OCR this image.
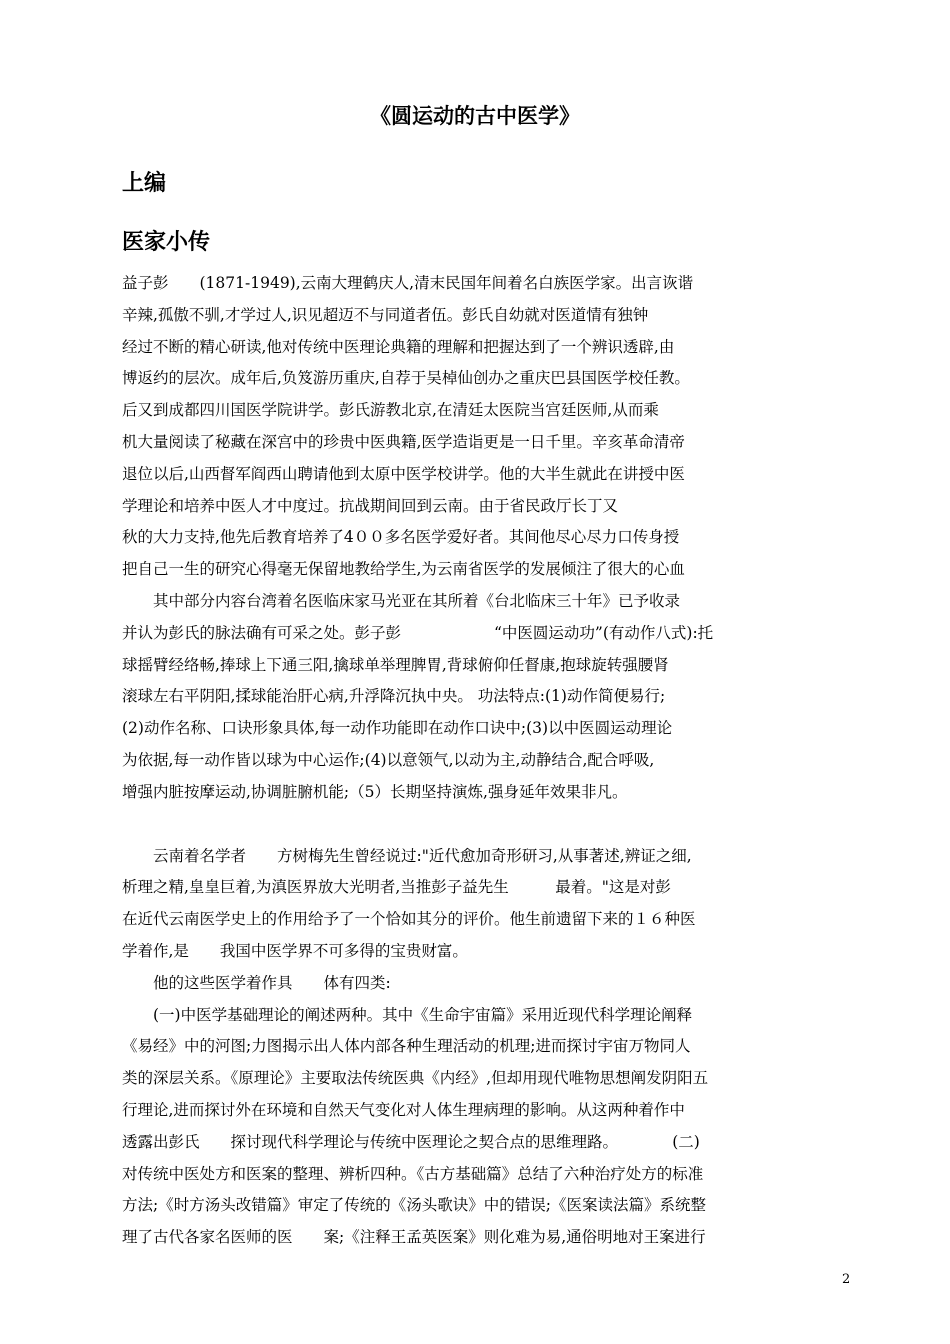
《圆运动的古中医学》
上编
医家小传
益子彭　　(1871-1949),云南大理鹤庆人,清末民国年间着名白族医学家。出言诙谐
辛辣,孤傲不驯,才学过人,识见超迈不与同道者伍。彭氏自幼就对医道情有独钟
经过不断的精心研读,他对传统中医理论典籍的理解和把握达到了一个辨识透辟,由
博返约的层次。成年后,负笈游历重庆,自荐于吴棹仙创办之重庆巴县国医学校任教。
后又到成都四川国医学院讲学。彭氏游教北京,在清廷太医院当宫廷医师,从而乘
机大量阅读了秘藏在深宫中的珍贵中医典籍,医学造诣更是一日千里。辛亥革命清帝
退位以后,山西督军阎西山聘请他到太原中医学校讲学。他的大半生就此在讲授中医
学理论和培养中医人才中度过。抗战期间回到云南。由于省民政厅长丁又
秋的大力支持,他先后教育培养了4００多名医学爱好者。其间他尽心尽力口传身授
把自己一生的研究心得毫无保留地教给学生,为云南省医学的发展倾注了很大的心血
　　其中部分内容台湾着名医临床家马光亚在其所着《台北临床三十年》已予收录
并认为彭氏的脉法确有可采之处。彭子彭　　　　　　“中医圆运动功”(有动作八式):托
球摇臂经络畅,捧球上下通三阳,擒球单举理脾胃,背球俯仰任督康,抱球旋转强腰肾
滚球左右平阴阳,揉球能治肝心病,升浮降沉执中央。 功法特点:(1)动作简便易行;
(2)动作名称、口诀形象具体,每一动作功能即在动作口诀中;(3)以中医圆运动理论
为依据,每一动作皆以球为中心运作;(4)以意领气,以动为主,动静结合,配合呼吸,
增强内脏按摩运动,协调脏腑机能;（5）长期坚持演炼,强身延年效果非凡。
　　云南着名学者　　方树梅先生曾经说过:"近代愈加奇形研习,从事著述,辨证之细,
析理之精,皇皇巨着,为滇医界放大光明者,当推彭子益先生　　　最着。"这是对彭
在近代云南医学史上的作用给予了一个恰如其分的评价。他生前遗留下来的１６种医
学着作,是　　我国中医学界不可多得的宝贵财富。
　　他的这些医学着作具　　体有四类:
　　(一)中医学基础理论的阐述两种。其中《生命宇宙篇》采用近现代科学理论阐释
《易经》中的河图;力图揭示出人体内部各种生理活动的机理;进而探讨宇宙万物同人
类的深层关系。《原理论》主要取法传统医典《内经》,但却用现代唯物思想阐发阴阳五
行理论,进而探讨外在环境和自然天气变化对人体生理病理的影响。从这两种着作中
透露出彭氏　　探讨现代科学理论与传统中医理论之契合点的思维理路。　　　　(二)
对传统中医处方和医案的整理、辨析四种。《古方基础篇》总结了六种治疗处方的标准
方法;《时方汤头改错篇》审定了传统的《汤头歌诀》中的错误;《医案读法篇》系统整
理了古代各家名医师的医　　案;《注释王孟英医案》则化难为易,通俗明地对王案进行
2
